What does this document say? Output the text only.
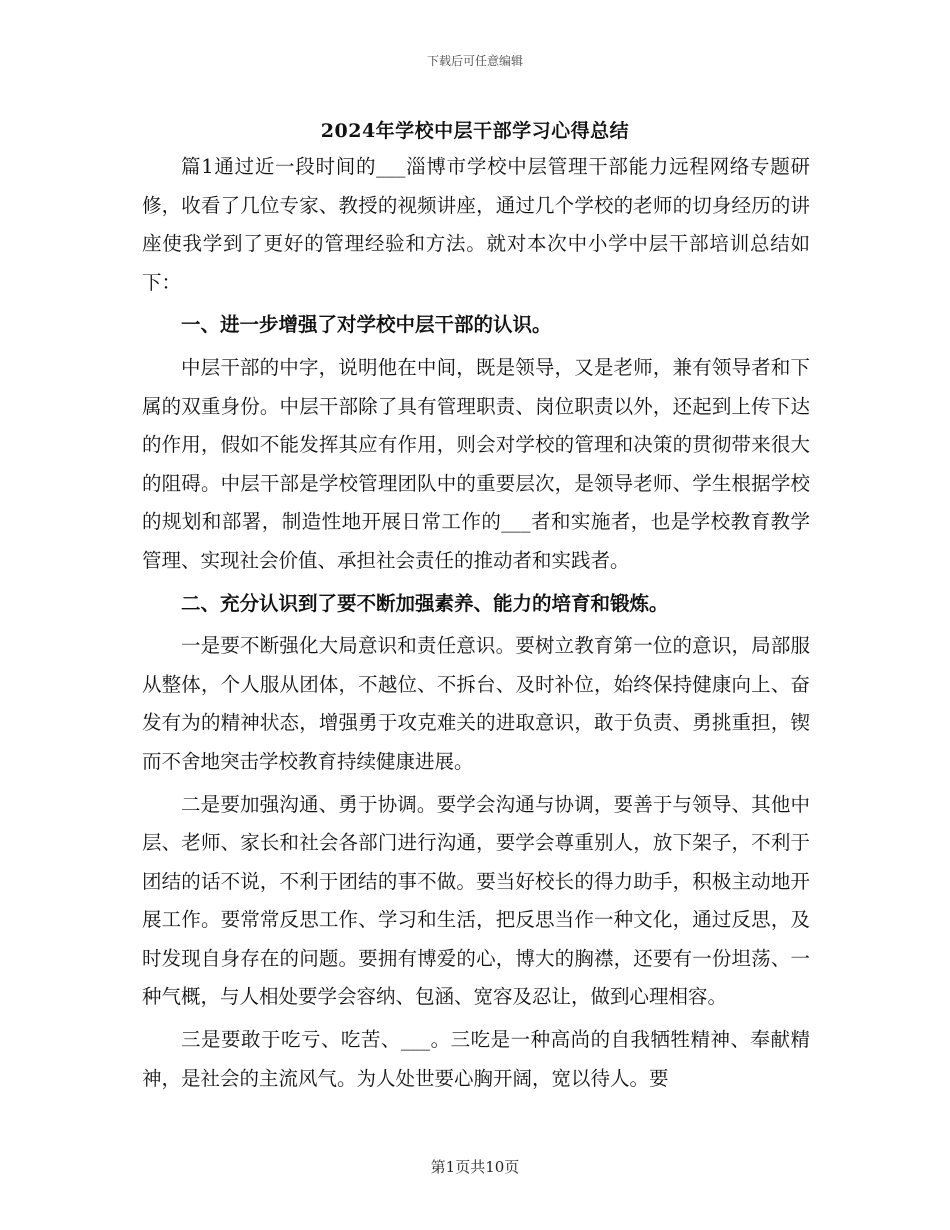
下载后可任意编辑
2024年学校中层干部学习心得总结

篇1通过近一段时间的___淄博市学校中层管理干部能力远程网络专题研修，收看了几位专家、教授的视频讲座，通过几个学校的老师的切身经历的讲座使我学到了更好的管理经验和方法。就对本次中小学中层干部培训总结如下：

一、进一步增强了对学校中层干部的认识。

中层干部的中字，说明他在中间，既是领导，又是老师，兼有领导者和下属的双重身份。中层干部除了具有管理职责、岗位职责以外，还起到上传下达的作用，假如不能发挥其应有作用，则会对学校的管理和决策的贯彻带来很大的阻碍。中层干部是学校管理团队中的重要层次，是领导老师、学生根据学校的规划和部署，制造性地开展日常工作的___者和实施者，也是学校教育教学管理、实现社会价值、承担社会责任的推动者和实践者。

二、充分认识到了要不断加强素养、能力的培育和锻炼。

一是要不断强化大局意识和责任意识。要树立教育第一位的意识，局部服从整体，个人服从团体，不越位、不拆台、及时补位，始终保持健康向上、奋发有为的精神状态，增强勇于攻克难关的进取意识，敢于负责、勇挑重担，锲而不舍地突击学校教育持续健康进展。

二是要加强沟通、勇于协调。要学会沟通与协调，要善于与领导、其他中层、老师、家长和社会各部门进行沟通，要学会尊重别人，放下架子，不利于团结的话不说，不利于团结的事不做。要当好校长的得力助手，积极主动地开展工作。要常常反思工作、学习和生活，把反思当作一种文化，通过反思，及时发现自身存在的问题。要拥有博爱的心，博大的胸襟，还要有一份坦荡、一种气概，与人相处要学会容纳、包涵、宽容及忍让，做到心理相容。

三是要敢于吃亏、吃苦、___。三吃是一种高尚的自我牺牲精神、奉献精神，是社会的主流风气。为人处世要心胸开阔，宽以待人。要

第1页共10页
